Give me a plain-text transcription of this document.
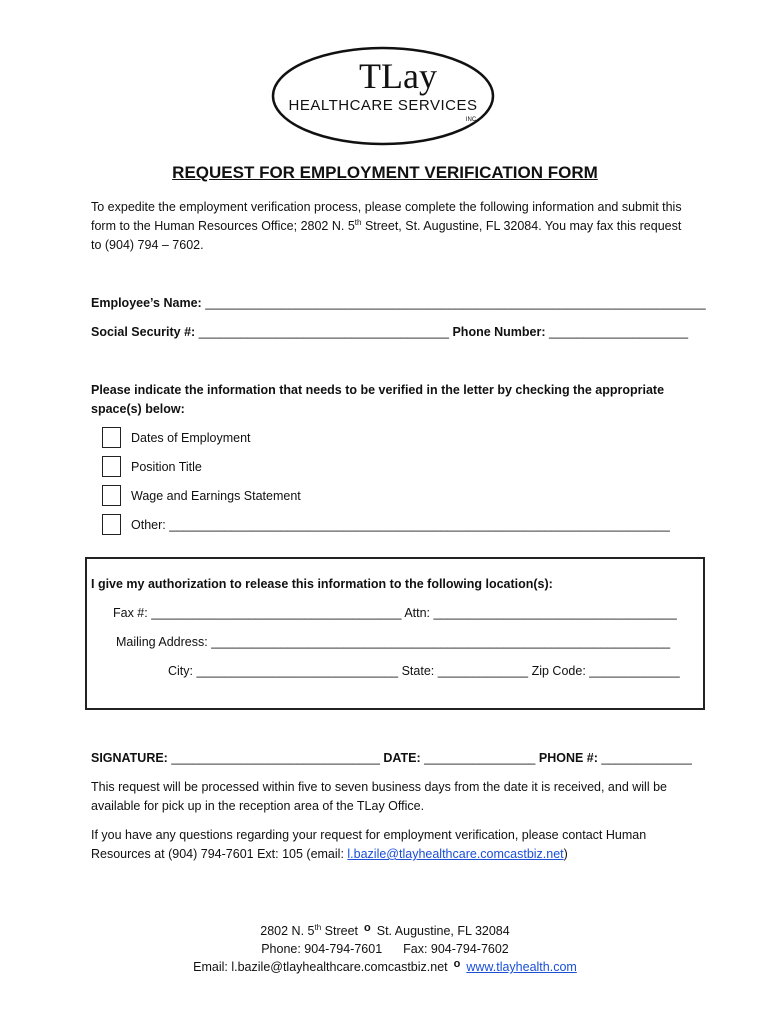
TLay
HEALTHCARE SERVICES
INC
REQUEST FOR EMPLOYMENT VERIFICATION FORM
To expedite the employment verification process, please complete the following information and submit this form to the Human Resources Office; 2802 N. 5th Street, St. Augustine, FL 32084. You may fax this request to (904) 794 – 7602.
Employee’s Name: ________________________________________________________________________
Social Security #: ____________________________________ Phone Number: ____________________
Please indicate the information that needs to be verified in the letter by checking the appropriate
space(s) below:
Dates of Employment
Position Title
Wage and Earnings Statement
Other: ________________________________________________________________________
I give my authorization to release this information to the following location(s):
Fax #: ____________________________________ Attn: ___________________________________
Mailing Address: __________________________________________________________________
City: _____________________________ State: _____________ Zip Code: _____________
SIGNATURE: ______________________________ DATE: ________________ PHONE #: _____________
This request will be processed within five to seven business days from the date it is received, and will be
available for pick up in the reception area of the TLay Office.
If you have any questions regarding your request for employment verification, please contact Human
Resources at (904) 794-7601 Ext: 105 (email: l.bazile@tlayhealthcare.comcastbiz.net)
2802 N. 5th Street o St. Augustine, FL 32084
Phone: 904-794-7601 Fax: 904-794-7602
Email: l.bazile@tlayhealthcare.comcastbiz.net o www.tlayhealth.com
